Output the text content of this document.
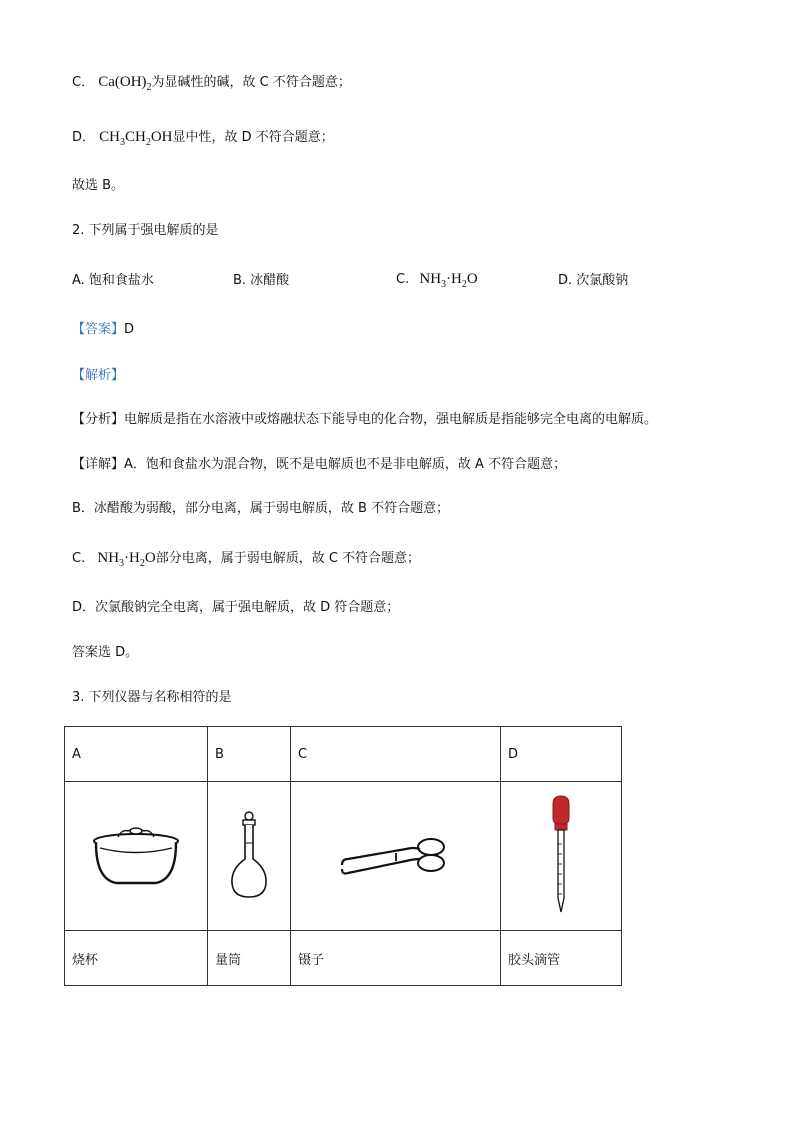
C． $Ca(OH)_2$为显碱性的碱，故 C 不符合题意；
D． $CH_3CH_2OH$显中性，故 D 不符合题意；
故选 B。
2. 下列属于强电解质的是
A. 饱和食盐水	B. 冰醋酸	C. $NH_3\cdot H_2O$	D. 次氯酸钠
【答案】D
【解析】
【分析】电解质是指在水溶液中或熔融状态下能导电的化合物，强电解质是指能够完全电离的电解质。
【详解】A．饱和食盐水为混合物，既不是电解质也不是非电解质，故 A 不符合题意；
B．冰醋酸为弱酸，部分电离，属于弱电解质，故 B 不符合题意；
C. $NH_3\cdot H_2O$部分电离，属于弱电解质，故 C 不符合题意；
D．次氯酸钠完全电离，属于强电解质，故 D 符合题意；
答案选 D。
3. 下列仪器与名称相符的是
A	B	C	D

烧杯	量筒	镊子	胶头滴管
